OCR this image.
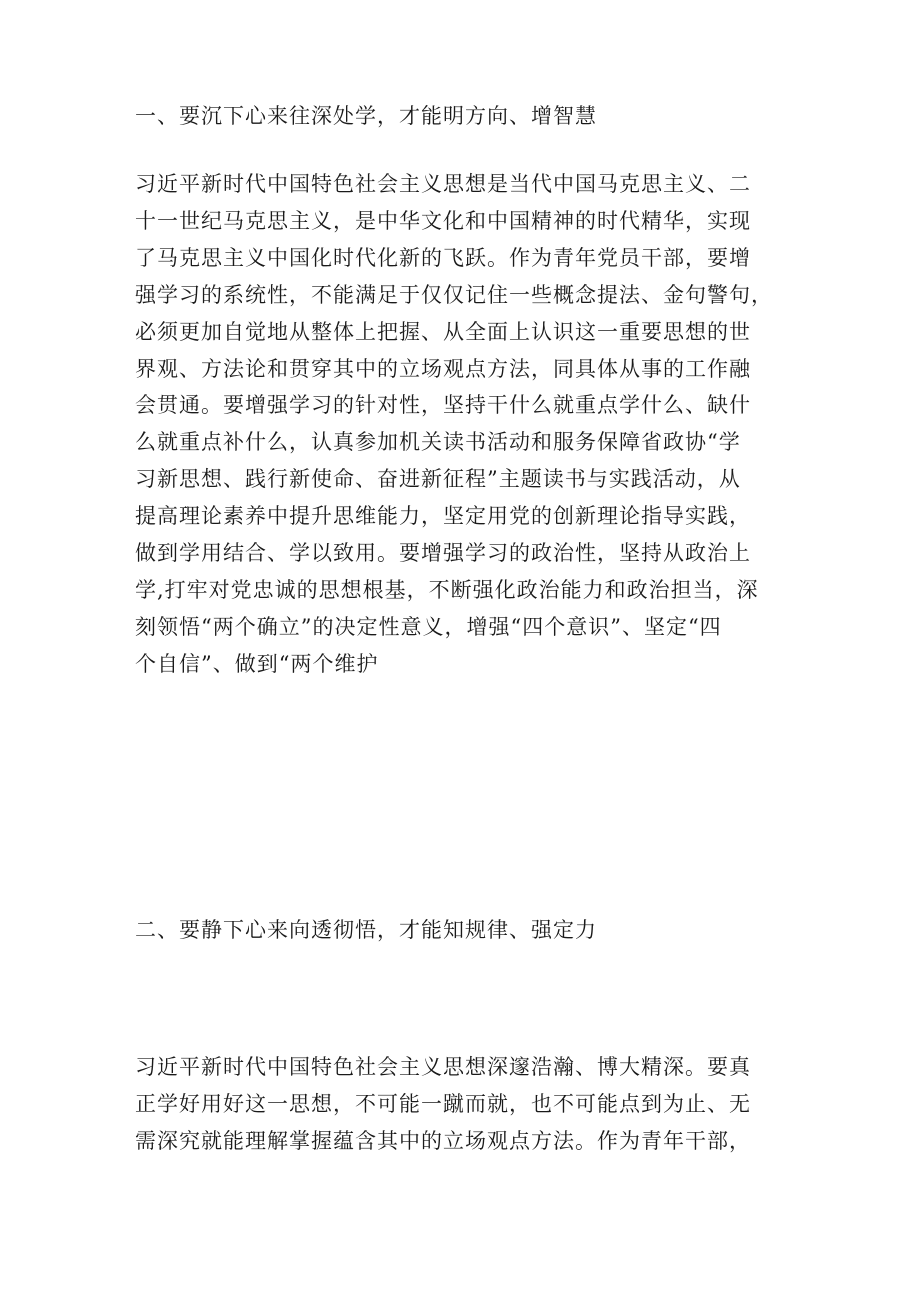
一、要沉下心来往深处学，才能明方向、增智慧
习近平新时代中国特色社会主义思想是当代中国马克思主义、二
十一世纪马克思主义，是中华文化和中国精神的时代精华，实现
了马克思主义中国化时代化新的飞跃。作为青年党员干部，要增
强学习的系统性，不能满足于仅仅记住一些概念提法、金句警句，
必须更加自觉地从整体上把握、从全面上认识这一重要思想的世
界观、方法论和贯穿其中的立场观点方法，同具体从事的工作融
会贯通。要增强学习的针对性，坚持干什么就重点学什么、缺什
么就重点补什么，认真参加机关读书活动和服务保障省政协“学
习新思想、践行新使命、奋进新征程”主题读书与实践活动，从
提高理论素养中提升思维能力，坚定用党的创新理论指导实践，
做到学用结合、学以致用。要增强学习的政治性，坚持从政治上
学,打牢对党忠诚的思想根基，不断强化政治能力和政治担当，深
刻领悟“两个确立”的决定性意义，增强“四个意识”、坚定“四
个自信”、做到“两个维护
二、要静下心来向透彻悟，才能知规律、强定力
习近平新时代中国特色社会主义思想深邃浩瀚、博大精深。要真
正学好用好这一思想，不可能一蹴而就，也不可能点到为止、无
需深究就能理解掌握蕴含其中的立场观点方法。作为青年干部，
